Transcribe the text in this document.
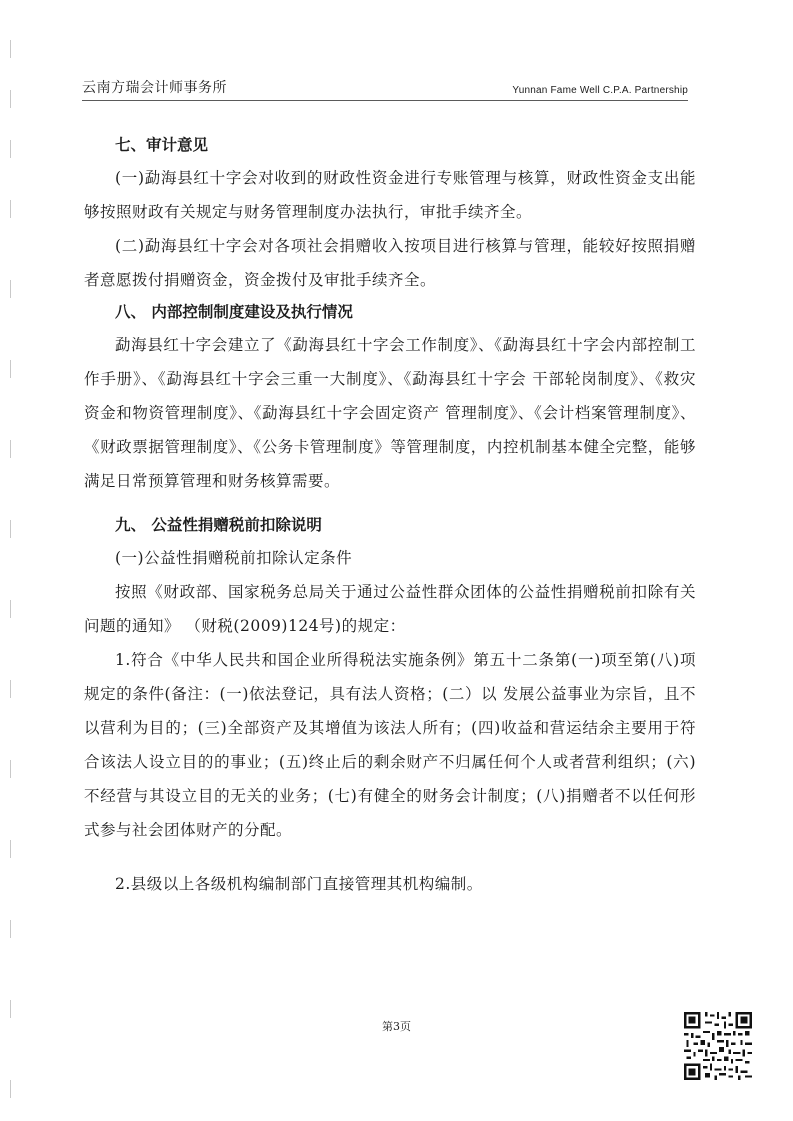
云南方瑞会计师事务所	Yunnan Fame Well C.P.A. Partnership
七、审计意见

(一)勐海县红十字会对收到的财政性资金进行专账管理与核算，财政性资金支出能够按照财政有关规定与财务管理制度办法执行，审批手续齐全。

(二)勐海县红十字会对各项社会捐赠收入按项目进行核算与管理，能较好按照捐赠者意愿拨付捐赠资金，资金拨付及审批手续齐全。

八、 内部控制制度建设及执行情况

勐海县红十字会建立了《勐海县红十字会工作制度》、《勐海县红十字会内部控制工作手册》、《勐海县红十字会三重一大制度》、《勐海县红十字会 干部轮岗制度》、《救灾资金和物资管理制度》、《勐海县红十字会固定资产 管理制度》、《会计档案管理制度》、《财政票据管理制度》、《公务卡管理制度》等管理制度，内控机制基本健全完整，能够满足日常预算管理和财务核算需要。

九、 公益性捐赠税前扣除说明

(一)公益性捐赠税前扣除认定条件

按照《财政部、国家税务总局关于通过公益性群众团体的公益性捐赠税前扣除有关问题的通知》 （财税(2009)124号)的规定：

1.符合《中华人民共和国企业所得税法实施条例》第五十二条第(一)项至第(八)项规定的条件(备注：(一)依法登记，具有法人资格；(二）以 发展公益事业为宗旨，且不以营利为目的；(三)全部资产及其增值为该法人所有；(四)收益和营运结余主要用于符合该法人设立目的的事业；(五)终止后的剩余财产不归属任何个人或者营利组织；(六)不经营与其设立目的无关的业务；(七)有健全的财务会计制度；(八)捐赠者不以任何形式参与社会团体财产的分配。

2.县级以上各级机构编制部门直接管理其机构编制。

第3页
